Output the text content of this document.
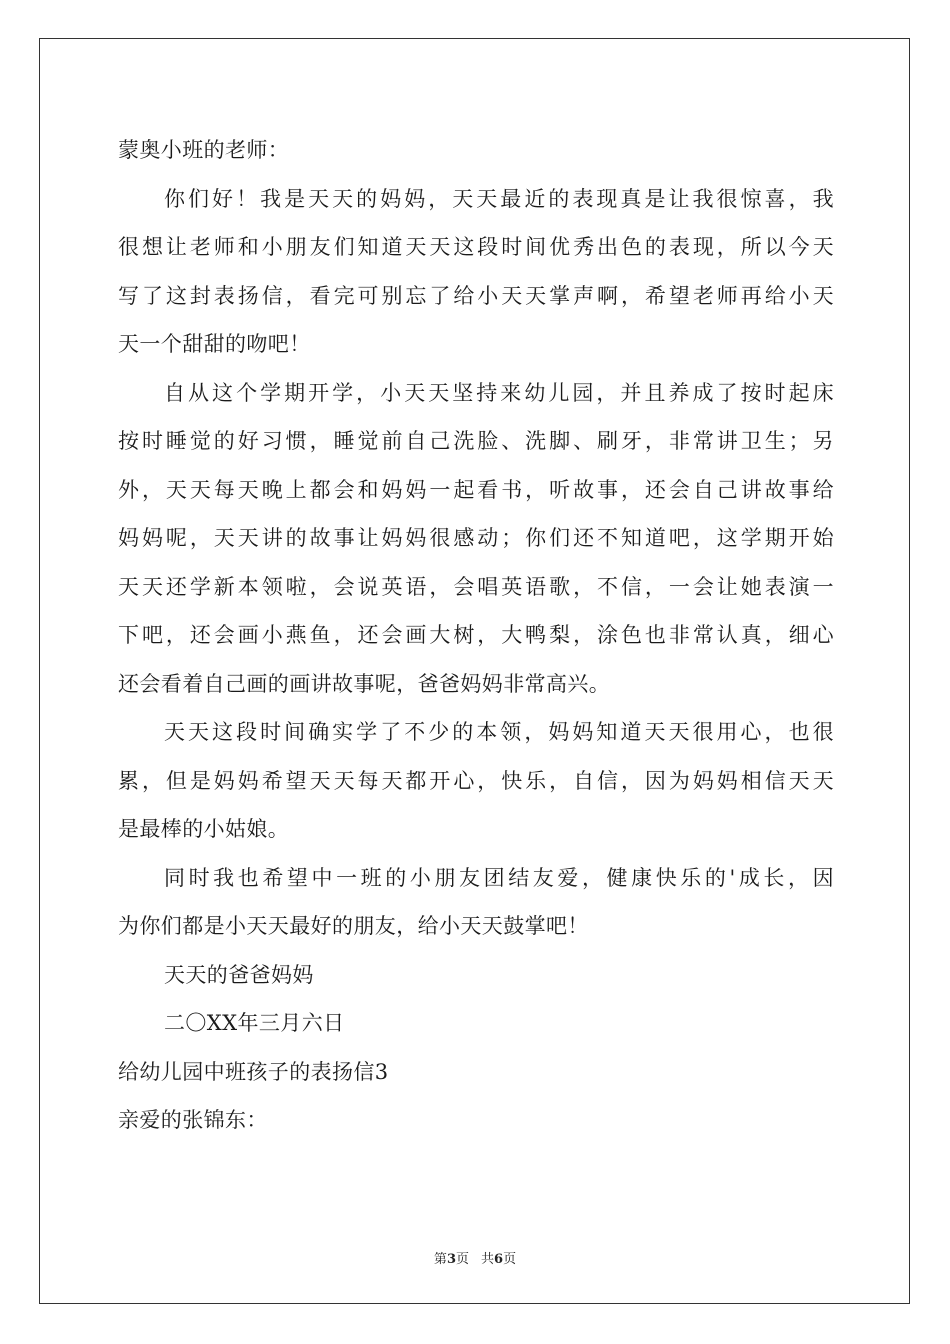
蒙奥小班的老师：
你们好！我是天天的妈妈，天天最近的表现真是让我很惊喜，我
很想让老师和小朋友们知道天天这段时间优秀出色的表现，所以今天
写了这封表扬信，看完可别忘了给小天天掌声啊，希望老师再给小天
天一个甜甜的吻吧！
自从这个学期开学，小天天坚持来幼儿园，并且养成了按时起床
按时睡觉的好习惯，睡觉前自己洗脸、洗脚、刷牙，非常讲卫生；另
外，天天每天晚上都会和妈妈一起看书，听故事，还会自己讲故事给
妈妈呢，天天讲的故事让妈妈很感动；你们还不知道吧，这学期开始
天天还学新本领啦，会说英语，会唱英语歌，不信，一会让她表演一
下吧，还会画小燕鱼，还会画大树，大鸭梨，涂色也非常认真，细心
还会看着自己画的画讲故事呢，爸爸妈妈非常高兴。
天天这段时间确实学了不少的本领，妈妈知道天天很用心，也很
累，但是妈妈希望天天每天都开心，快乐，自信，因为妈妈相信天天
是最棒的小姑娘。
同时我也希望中一班的小朋友团结友爱，健康快乐的'成长，因
为你们都是小天天最好的朋友，给小天天鼓掌吧！
天天的爸爸妈妈
二〇XX年三月六日
给幼儿园中班孩子的表扬信3
亲爱的张锦东：
第3页 共6页
